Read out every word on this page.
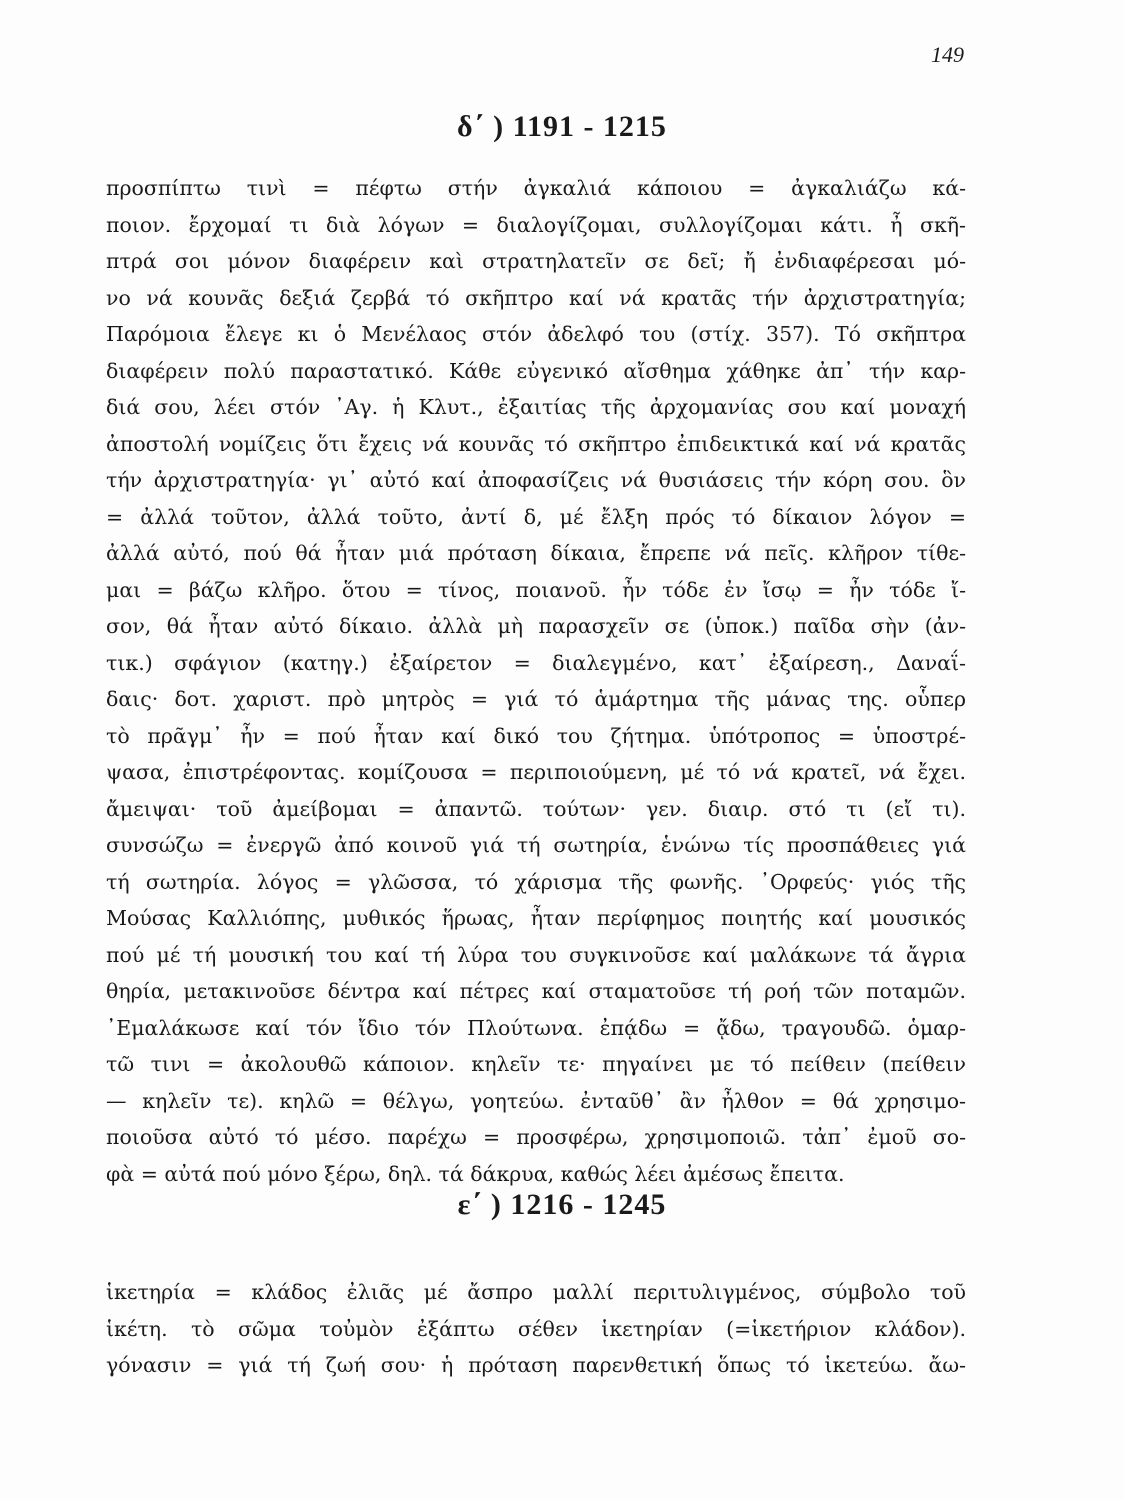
149
δ΄ ) 1191 - 1215
προσπίπτω τινὶ = πέφτω στήν ἀγκαλιά κάποιου = ἀγκαλιάζω κά-
ποιον. ἔρχομαί τι διὰ λόγων = διαλογίζομαι, συλλογίζομαι κάτι. ἦ σκῆ-
πτρά σοι μόνον διαφέρειν καὶ στρατηλατεῖν σε δεῖ; ἤ ἐνδιαφέρεσαι μό-
νο νά κουνᾶς δεξιά ζερβά τό σκῆπτρο καί νά κρατᾶς τήν ἀρχιστρατηγία;
Παρόμοια ἔλεγε κι ὁ Μενέλαος στόν ἀδελφό του (στίχ. 357). Τό σκῆπτρα
διαφέρειν πολύ παραστατικό. Κάθε εὐγενικό αἴσθημα χάθηκε ἀπ᾿ τήν καρ-
διά σου, λέει στόν ᾿Αγ. ἡ Κλυτ., ἐξαιτίας τῆς ἀρχομανίας σου καί μοναχή
ἀποστολή νομίζεις ὅτι ἔχεις νά κουνᾶς τό σκῆπτρο ἐπιδεικτικά καί νά κρατᾶς
τήν ἀρχιστρατηγία· γι᾿ αὐτό καί ἀποφασίζεις νά θυσιάσεις τήν κόρη σου. ὃν
= ἀλλά τοῦτον, ἀλλά τοῦτο, ἀντί δ, μέ ἔλξη πρός τό δίκαιον λόγον =
ἀλλά αὐτό, πού θά ἦταν μιά πρόταση δίκαια, ἔπρεπε νά πεῖς. κλῆρον τίθε-
μαι = βάζω κλῆρο. ὅτου = τίνος, ποιανοῦ. ἦν τόδε ἐν ἴσῳ = ἦν τόδε ἴ-
σον, θά ἦταν αὐτό δίκαιο. ἀλλὰ μὴ παρασχεῖν σε (ὑποκ.) παῖδα σὴν (ἀν-
τικ.) σφάγιον (κατηγ.) ἐξαίρετον = διαλεγμένο, κατ᾿ ἐξαίρεση., Δαναΐ-
δαις· δοτ. χαριστ. πρὸ μητρὸς = γιά τό ἁμάρτημα τῆς μάνας της. οὗπερ
τὸ πρᾶγμ᾿ ἦν = πού ἦταν καί δικό του ζήτημα. ὑπότροπος = ὑποστρέ-
ψασα, ἐπιστρέφοντας. κομίζουσα = περιποιούμενη, μέ τό νά κρατεῖ, νά ἔχει.
ἄμειψαι· τοῦ ἀμείβομαι = ἀπαντῶ. τούτων· γεν. διαιρ. στό τι (εἴ τι).
συνσώζω = ἐνεργῶ ἀπό κοινοῦ γιά τή σωτηρία, ἑνώνω τίς προσπάθειες γιά
τή σωτηρία. λόγος = γλῶσσα, τό χάρισμα τῆς φωνῆς. ᾿Ορφεύς· γιός τῆς
Μούσας Καλλιόπης, μυθικός ἥρωας, ἦταν περίφημος ποιητής καί μουσικός
πού μέ τή μουσική του καί τή λύρα του συγκινοῦσε καί μαλάκωνε τά ἄγρια
θηρία, μετακινοῦσε δέντρα καί πέτρες καί σταματοῦσε τή ροή τῶν ποταμῶν.
᾿Εμαλάκωσε καί τόν ἴδιο τόν Πλούτωνα. ἐπᾴδω = ᾄδω, τραγουδῶ. ὁμαρ-
τῶ τινι = ἀκολουθῶ κάποιον. κηλεῖν τε· πηγαίνει με τό πείθειν (πείθειν
— κηλεῖν τε). κηλῶ = θέλγω, γοητεύω. ἐνταῦθ᾿ ἂν ἦλθον = θά χρησιμο-
ποιοῦσα αὐτό τό μέσο. παρέχω = προσφέρω, χρησιμοποιῶ. τἀπ᾿ ἐμοῦ σο-
φὰ = αὐτά πού μόνο ξέρω, δηλ. τά δάκρυα, καθώς λέει ἀμέσως ἔπειτα.
ε΄ ) 1216 - 1245
ἱκετηρία = κλάδος ἐλιᾶς μέ ἄσπρο μαλλί περιτυλιγμένος, σύμβολο τοῦ
ἱκέτη. τὸ σῶμα τοὐμὸν ἐξάπτω σέθεν ἱκετηρίαν (=ἱκετήριον κλάδον).
γόνασιν = γιά τή ζωή σου· ἡ πρόταση παρενθετική ὅπως τό ἱκετεύω. ἄω-
